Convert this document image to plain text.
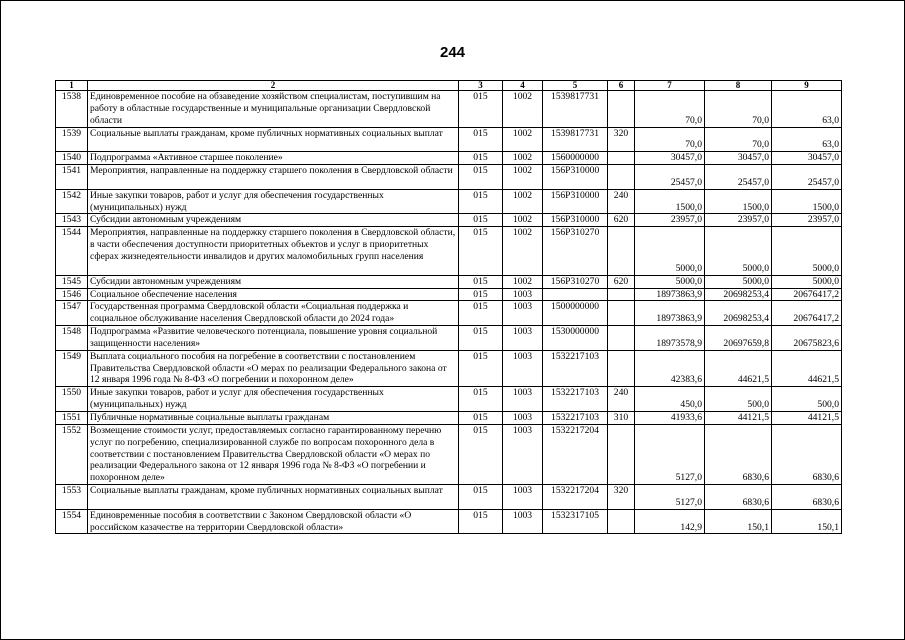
244
1	2	3	4	5	6	7	8	9
1538	Единовременное пособие на обзаведение хозяйством специалистам, поступившим на работу в областные государственные и муниципальные организации Свердловской области	015	1002	1539817731		70,0	70,0	63,0
1539	Социальные выплаты гражданам, кроме публичных нормативных социальных выплат	015	1002	1539817731	320	70,0	70,0	63,0
1540	Подпрограмма «Активное старшее поколение»	015	1002	1560000000		30457,0	30457,0	30457,0
1541	Мероприятия, направленные на поддержку старшего поколения в Свердловской области	015	1002	156P310000		25457,0	25457,0	25457,0
1542	Иные закупки товаров, работ и услуг для обеспечения государственных (муниципальных) нужд	015	1002	156P310000	240	1500,0	1500,0	1500,0
1543	Субсидии автономным учреждениям	015	1002	156P310000	620	23957,0	23957,0	23957,0
1544	Мероприятия, направленные на поддержку старшего поколения в Свердловской области, в части обеспечения доступности приоритетных объектов и услуг в приоритетных сферах жизнедеятельности инвалидов и других маломобильных групп населения	015	1002	156P310270		5000,0	5000,0	5000,0
1545	Субсидии автономным учреждениям	015	1002	156P310270	620	5000,0	5000,0	5000,0
1546	Социальное обеспечение населения	015	1003			18973863,9	20698253,4	20676417,2
1547	Государственная программа Свердловской области «Социальная поддержка и социальное обслуживание населения Свердловской области до 2024 года»	015	1003	1500000000		18973863,9	20698253,4	20676417,2
1548	Подпрограмма «Развитие человеческого потенциала, повышение уровня социальной защищенности населения»	015	1003	1530000000		18973578,9	20697659,8	20675823,6
1549	Выплата социального пособия на погребение в соответствии с постановлением Правительства Свердловской области «О мерах по реализации Федерального закона от 12 января 1996 года № 8-ФЗ «О погребении и похоронном деле»	015	1003	1532217103		42383,6	44621,5	44621,5
1550	Иные закупки товаров, работ и услуг для обеспечения государственных (муниципальных) нужд	015	1003	1532217103	240	450,0	500,0	500,0
1551	Публичные нормативные социальные выплаты гражданам	015	1003	1532217103	310	41933,6	44121,5	44121,5
1552	Возмещение стоимости услуг, предоставляемых согласно гарантированному перечню услуг по погребению, специализированной службе по вопросам похоронного дела в соответствии с постановлением Правительства Свердловской области «О мерах по реализации Федерального закона от 12 января 1996 года № 8-ФЗ «О погребении и похоронном деле»	015	1003	1532217204		5127,0	6830,6	6830,6
1553	Социальные выплаты гражданам, кроме публичных нормативных социальных выплат	015	1003	1532217204	320	5127,0	6830,6	6830,6
1554	Единовременные пособия в соответствии с Законом Свердловской области «О российском казачестве на территории Свердловской области»	015	1003	1532317105		142,9	150,1	150,1
